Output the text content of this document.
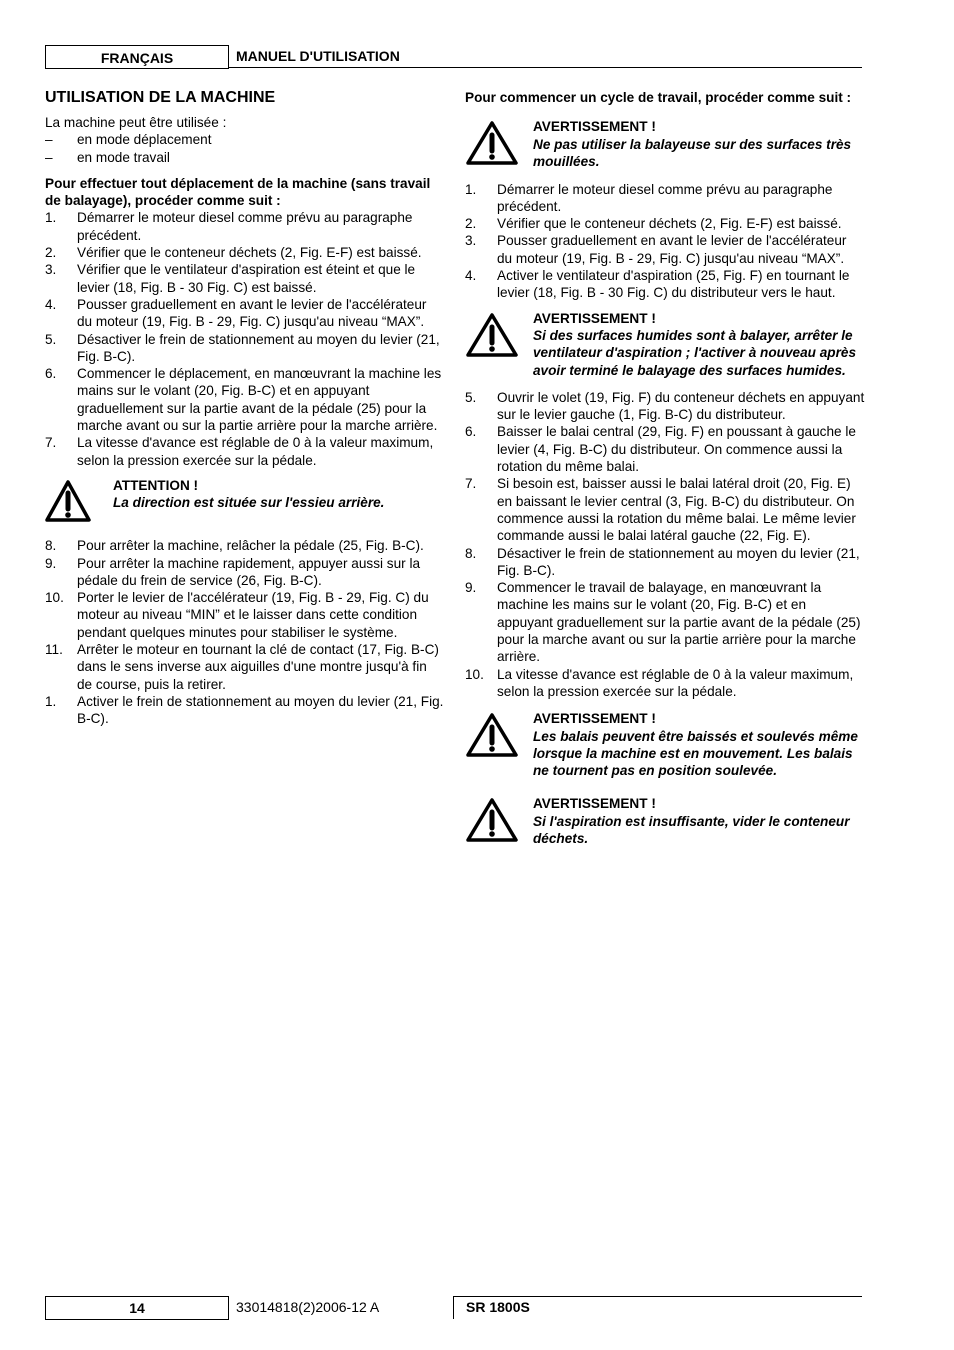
FRANÇAIS	MANUEL D'UTILISATION
UTILISATION DE LA MACHINE

La machine peut être utilisée :

–	en mode déplacement
–	en mode travail

Pour effectuer tout déplacement de la machine (sans travail de balayage), procéder comme suit :

1.	Démarrer le moteur diesel comme prévu au paragraphe précédent.
2.	Vérifier que le conteneur déchets (2, Fig. E-F) est baissé.
3.	Vérifier que le ventilateur d'aspiration est éteint et que le levier (18, Fig. B - 30 Fig. C) est baissé.
4.	Pousser graduellement en avant le levier de l'accélérateur du moteur (19, Fig. B - 29, Fig. C) jusqu'au niveau “MAX”.
5.	Désactiver le frein de stationnement au moyen du levier (21, Fig. B-C).
6.	Commencer le déplacement, en manœuvrant la machine les mains sur le volant (20, Fig. B-C) et en appuyant graduellement sur la partie avant de la pédale (25) pour la marche avant ou sur la partie arrière pour la marche arrière.
7.	La vitesse d'avance est réglable de 0 à la valeur maximum, selon la pression exercée sur la pédale.
ATTENTION !
La direction est située sur l'essieu arrière.
8.	Pour arrêter la machine, relâcher la pédale (25, Fig. B-C).
9.	Pour arrêter la machine rapidement, appuyer aussi sur la pédale du frein de service (26, Fig. B-C).
10. Porter le levier de l'accélérateur (19, Fig. B - 29, Fig. C) du moteur au niveau “MIN” et le laisser dans cette condition pendant quelques minutes pour stabiliser le système.
11.	Arrêter le moteur en tournant la clé de contact (17, Fig. B-C) dans le sens inverse aux aiguilles d'une montre jusqu'à fin de course, puis la retirer.
1.	Activer le frein de stationnement au moyen du levier (21, Fig. B-C).

Pour commencer un cycle de travail, procéder comme suit :

AVERTISSEMENT !
Ne pas utiliser la balayeuse sur des surfaces très mouillées.
1.	Démarrer le moteur diesel comme prévu au paragraphe précédent.
2.	Vérifier que le conteneur déchets (2, Fig. E-F) est baissé.
3.	Pousser graduellement en avant le levier de l'accélérateur du moteur (19, Fig. B - 29, Fig. C) jusqu'au niveau “MAX”.
4.	Activer le ventilateur d'aspiration (25, Fig. F) en tournant le levier (18, Fig. B - 30 Fig. C) du distributeur vers le haut.
AVERTISSEMENT !
Si des surfaces humides sont à balayer, arrêter le ventilateur d'aspiration ; l'activer à nouveau après avoir terminé le balayage des surfaces humides.
5.	Ouvrir le volet (19, Fig. F) du conteneur déchets en appuyant sur le levier gauche (1, Fig. B-C) du distributeur.
6.	Baisser le balai central (29, Fig. F) en poussant à gauche le levier (4, Fig. B-C) du distributeur. On commence aussi la rotation du même balai.
7.	Si besoin est, baisser aussi le balai latéral droit (20, Fig. E) en baissant le levier central (3, Fig. B-C) du distributeur. On commence aussi la rotation du même balai. Le même levier commande aussi le balai latéral gauche (22, Fig. E).
8.	Désactiver le frein de stationnement au moyen du levier (21, Fig. B-C).
9.	Commencer le travail de balayage, en manœuvrant la machine les mains sur le volant (20, Fig. B-C) et en appuyant graduellement sur la partie avant de la pédale (25) pour la marche avant ou sur la partie arrière pour la marche arrière.
10. La vitesse d'avance est réglable de 0 à la valeur maximum, selon la pression exercée sur la pédale.
AVERTISSEMENT !
Les balais peuvent être baissés et soulevés même lorsque la machine est en mouvement. Les balais ne tournent pas en position soulevée.
AVERTISSEMENT !
Si l'aspiration est insuffisante, vider le conteneur déchets.
14	33014818(2)2006-12 A	SR 1800S
